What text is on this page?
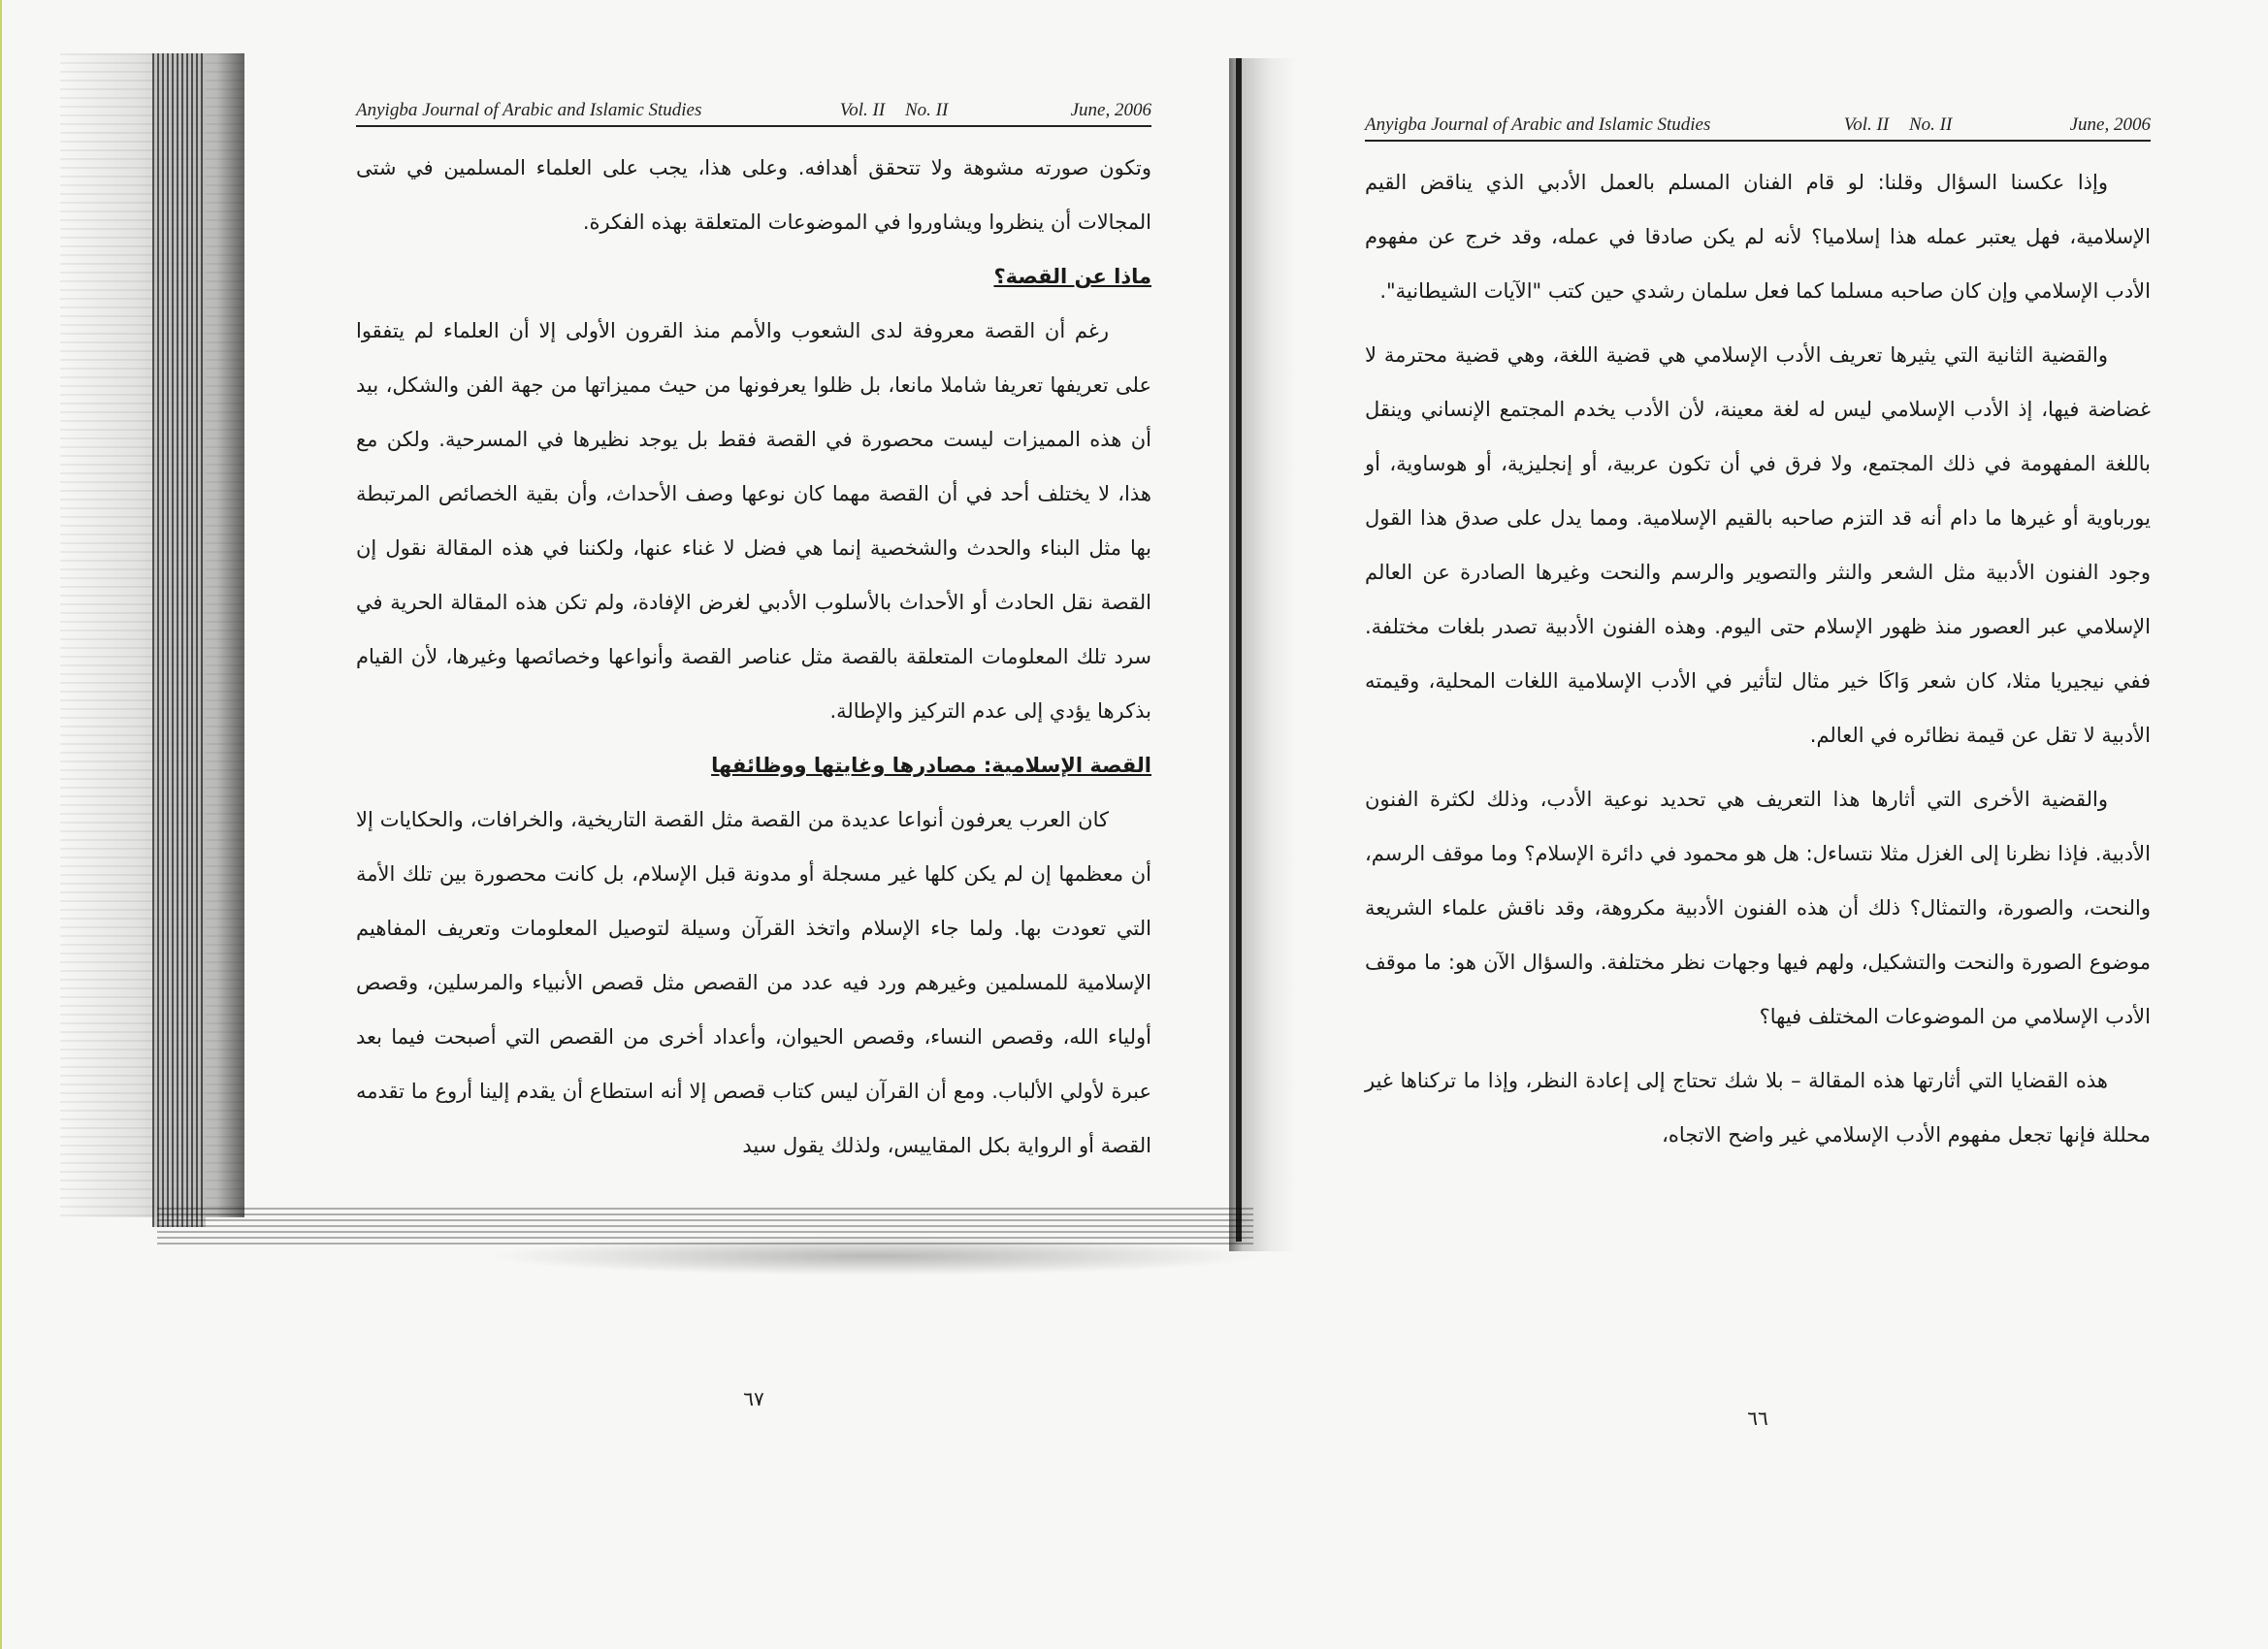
Anyigba Journal of Arabic and Islamic Studies	Vol. II No. II	June, 2006

وتكون صورته مشوهة ولا تتحقق أهدافه. وعلى هذا، يجب على العلماء المسلمين في شتى المجالات أن ينظروا ويشاوروا في الموضوعات المتعلقة بهذه الفكرة.

ماذا عن القصة؟

رغم أن القصة معروفة لدى الشعوب والأمم منذ القرون الأولى إلا أن العلماء لم يتفقوا على تعريفها تعريفا شاملا مانعا، بل ظلوا يعرفونها من حيث مميزاتها من جهة الفن والشكل، بيد أن هذه المميزات ليست محصورة في القصة فقط بل يوجد نظيرها في المسرحية. ولكن مع هذا، لا يختلف أحد في أن القصة مهما كان نوعها وصف الأحداث، وأن بقية الخصائص المرتبطة بها مثل البناء والحدث والشخصية إنما هي فضل لا غناء عنها، ولكننا في هذه المقالة نقول إن القصة نقل الحادث أو الأحداث بالأسلوب الأدبي لغرض الإفادة، ولم تكن هذه المقالة الحرية في سرد تلك المعلومات المتعلقة بالقصة مثل عناصر القصة وأنواعها وخصائصها وغيرها، لأن القيام بذكرها يؤدي إلى عدم التركيز والإطالة.

القصة الإسلامية: مصادرها وغايتها ووظائفها

كان العرب يعرفون أنواعا عديدة من القصة مثل القصة التاريخية، والخرافات، والحكايات إلا أن معظمها إن لم يكن كلها غير مسجلة أو مدونة قبل الإسلام، بل كانت محصورة بين تلك الأمة التي تعودت بها. ولما جاء الإسلام واتخذ القرآن وسيلة لتوصيل المعلومات وتعريف المفاهيم الإسلامية للمسلمين وغيرهم ورد فيه عدد من القصص مثل قصص الأنبياء والمرسلين، وقصص أولياء الله، وقصص النساء، وقصص الحيوان، وأعداد أخرى من القصص التي أصبحت فيما بعد عبرة لأولي الألباب. ومع أن القرآن ليس كتاب قصص إلا أنه استطاع أن يقدم إلينا أروع ما تقدمه القصة أو الرواية بكل المقاييس، ولذلك يقول سيد

٦٧
Anyigba Journal of Arabic and Islamic Studies	Vol. II No. II	June, 2006

وإذا عكسنا السؤال وقلنا: لو قام الفنان المسلم بالعمل الأدبي الذي يناقض القيم الإسلامية، فهل يعتبر عمله هذا إسلاميا؟ لأنه لم يكن صادقا في عمله، وقد خرج عن مفهوم الأدب الإسلامي وإن كان صاحبه مسلما كما فعل سلمان رشدي حين كتب "الآيات الشيطانية".

والقضية الثانية التي يثيرها تعريف الأدب الإسلامي هي قضية اللغة، وهي قضية محترمة لا غضاضة فيها، إذ الأدب الإسلامي ليس له لغة معينة، لأن الأدب يخدم المجتمع الإنساني وينقل باللغة المفهومة في ذلك المجتمع، ولا فرق في أن تكون عربية، أو إنجليزية، أو هوساوية، أو يورباوية أو غيرها ما دام أنه قد التزم صاحبه بالقيم الإسلامية. ومما يدل على صدق هذا القول وجود الفنون الأدبية مثل الشعر والنثر والتصوير والرسم والنحت وغيرها الصادرة عن العالم الإسلامي عبر العصور منذ ظهور الإسلام حتى اليوم. وهذه الفنون الأدبية تصدر بلغات مختلفة. ففي نيجيريا مثلا، كان شعر وَاكَا خير مثال لتأثير في الأدب الإسلامية اللغات المحلية، وقيمته الأدبية لا تقل عن قيمة نظائره في العالم.

والقضية الأخرى التي أثارها هذا التعريف هي تحديد نوعية الأدب، وذلك لكثرة الفنون الأدبية. فإذا نظرنا إلى الغزل مثلا نتساءل: هل هو محمود في دائرة الإسلام؟ وما موقف الرسم، والنحت، والصورة، والتمثال؟ ذلك أن هذه الفنون الأدبية مكروهة، وقد ناقش علماء الشريعة موضوع الصورة والنحت والتشكيل، ولهم فيها وجهات نظر مختلفة. والسؤال الآن هو: ما موقف الأدب الإسلامي من الموضوعات المختلف فيها؟

هذه القضايا التي أثارتها هذه المقالة – بلا شك تحتاج إلى إعادة النظر، وإذا ما تركناها غير محللة فإنها تجعل مفهوم الأدب الإسلامي غير واضح الاتجاه،

٦٦
